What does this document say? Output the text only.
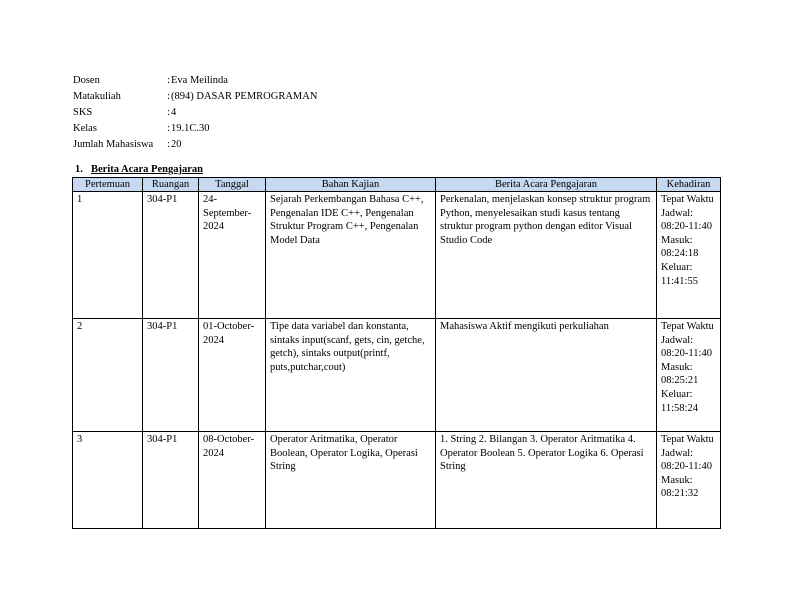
Dosen	:Eva Meilinda
Matakuliah	:(894) DASAR PEMROGRAMAN
SKS	:4
Kelas	:19.1C.30
Jumlah Mahasiswa :20
1. Berita Acara Pengajaran
Pertemuan	Ruangan	Tanggal	Bahan Kajian	Berita Acara Pengajaran	Kehadiran
1	304-P1	24-September-2024	Sejarah Perkembangan Bahasa C++, Pengenalan IDE C++, Pengenalan Struktur Program C++, Pengenalan Model Data	Perkenalan, menjelaskan konsep struktur program Python, menyelesaikan studi kasus tentang struktur program python dengan editor Visual Studio Code	Tepat Waktu Jadwal: 08:20-11:40 Masuk: 08:24:18 Keluar: 11:41:55
2	304-P1	01-October-2024	Tipe data variabel dan konstanta, sintaks input(scanf, gets, cin, getche, getch), sintaks output(printf, puts,putchar,cout)	Mahasiswa Aktif mengikuti perkuliahan	Tepat Waktu Jadwal: 08:20-11:40 Masuk: 08:25:21 Keluar: 11:58:24
3	304-P1	08-October-2024	Operator Aritmatika, Operator Boolean, Operator Logika, Operasi String	1. String 2. Bilangan 3. Operator Aritmatika 4. Operator Boolean 5. Operator Logika 6. Operasi String	Tepat Waktu Jadwal: 08:20-11:40 Masuk: 08:21:32
